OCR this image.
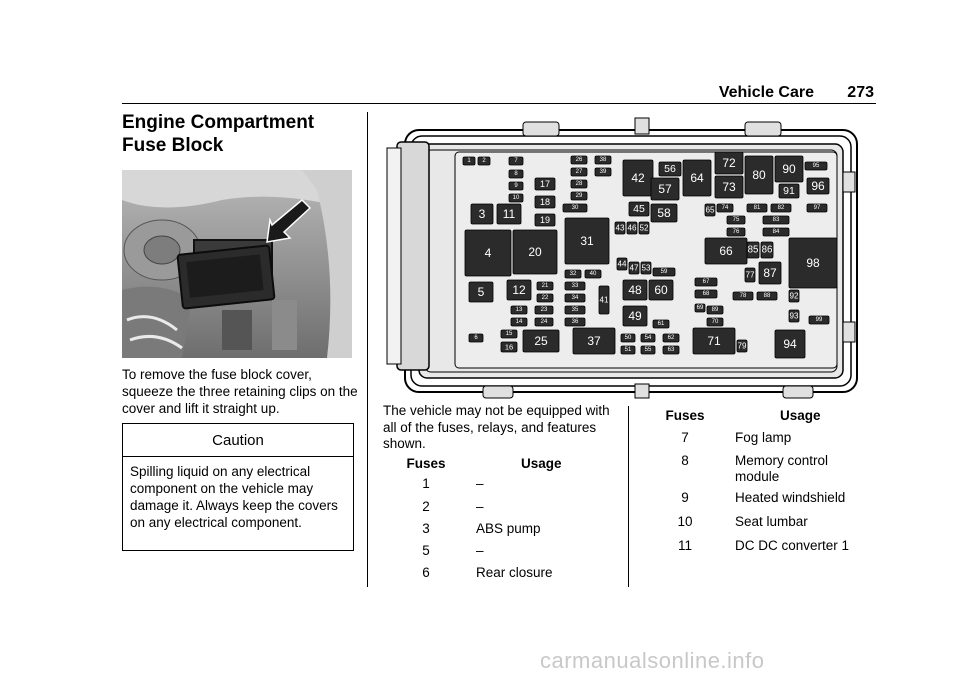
Vehicle Care 273
Engine Compartment
Fuse Block

To remove the fuse block cover, squeeze the three retaining clips on the cover and lift it straight up.

Caution
Spilling liquid on any electrical component on the vehicle may damage it. Always keep the covers on any electrical component.
1 2	7
8
9
10
3 11
17
18
19
26
27
28
29
30
38
39 42
56
57
64
72
73
80 90	95
91 96
45 58	65 74	81	82	97
83
75
76	84
43 46 52
31
4	20	66 85 86
98
44 47 53 59
32 40	77 87
5 12	21
22
33
34	41
48 60
67
68	78	88 92
13	23	35	89
69
70
93
14	24	36	49
61
99
6
15
16 25	37	50
51
54
55
62
63
71 79	94

The vehicle may not be equipped with all of the fuses, relays, and features shown.

Fuses	Usage
1	–
2	–
3	ABS pump
5	–
6	Rear closure
Fuses	Usage
7	Fog lamp
8	Memory control module
9	Heated windshield
10	Seat lumbar
11	DC DC converter 1
carmanualsonline.info
